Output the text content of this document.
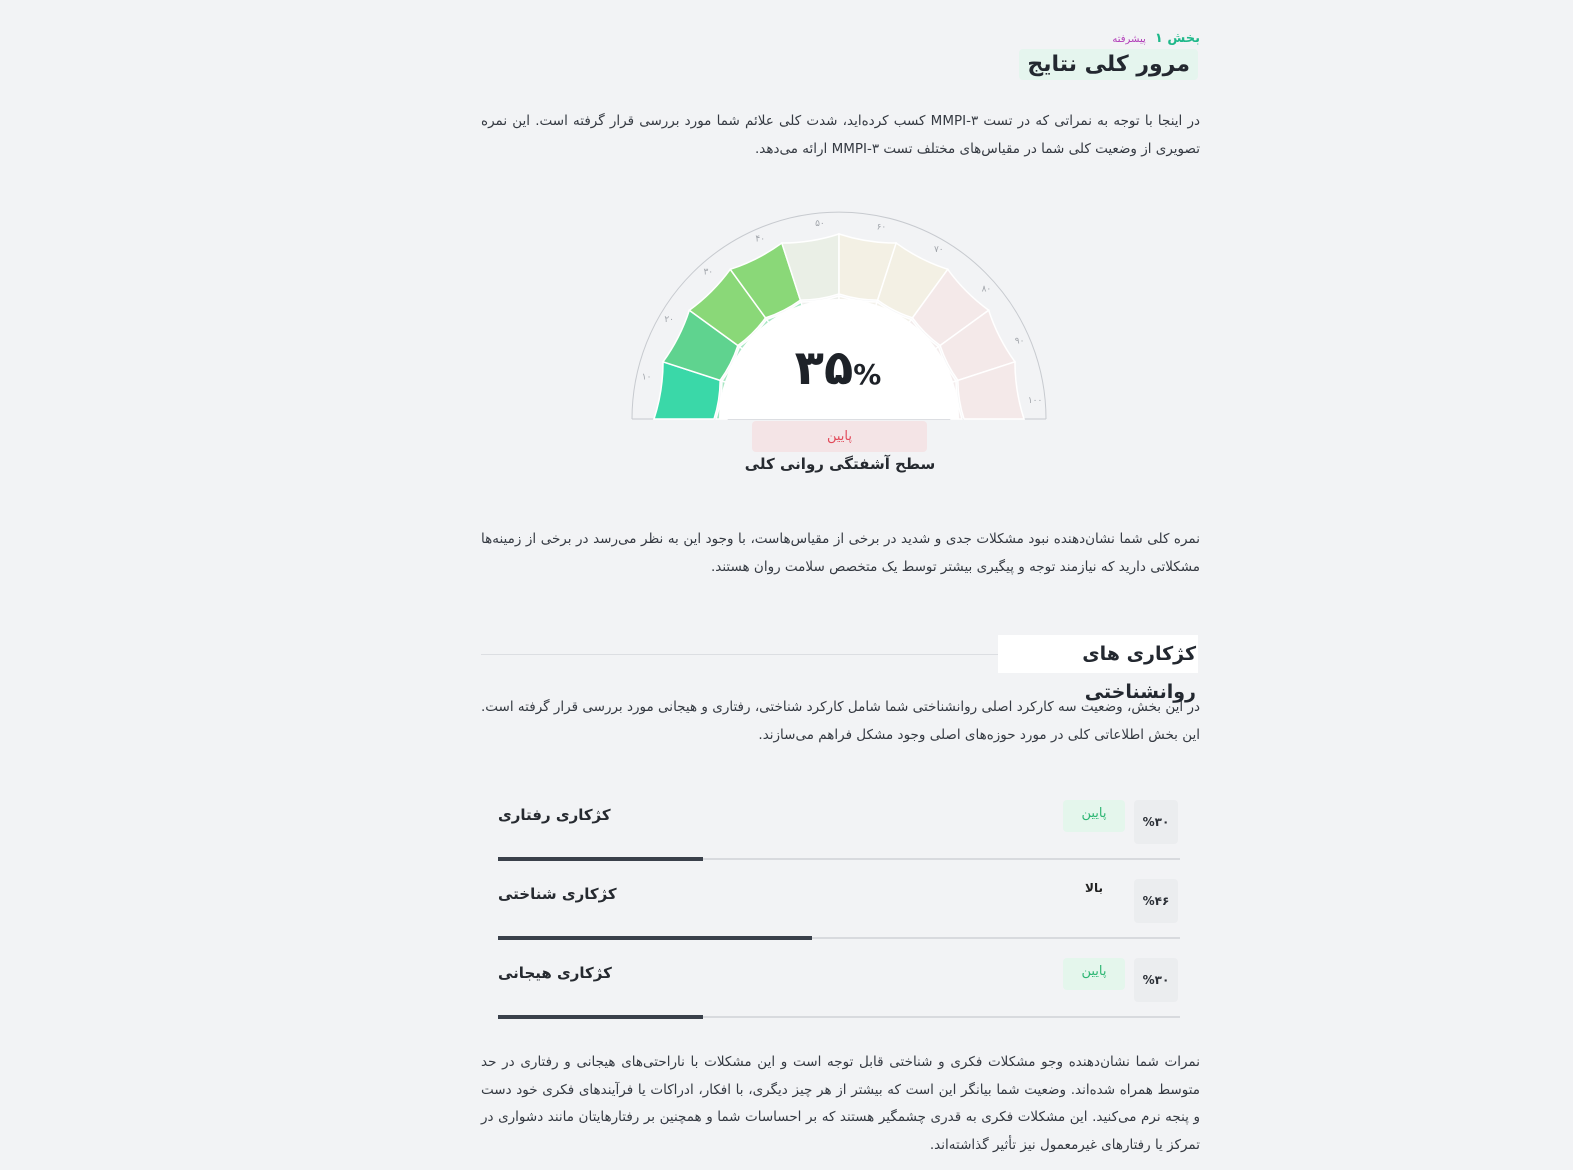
بخش ۱ پیشرفته
مرور کلی نتایج
در اینجا با توجه به نمراتی که در تست MMPI-۳ کسب کرده‌اید، شدت کلی علائم شما مورد بررسی قرار گرفته است. این نمره تصویری از وضعیت کلی شما در مقیاس‌های مختلف تست MMPI-۳ ارائه می‌دهد.
نمره کلی شما نشان‌دهنده نبود مشکلات جدی و شدید در برخی از مقیاس‌هاست، با وجود این به نظر می‌رسد در برخی از زمینه‌ها مشکلاتی دارید که نیازمند توجه و پیگیری بیشتر توسط یک متخصص سلامت روان هستند.
در این بخش، وضعیت سه کارکرد اصلی روانشناختی شما شامل کارکرد شناختی، رفتاری و هیجانی مورد بررسی قرار گرفته است. این بخش اطلاعاتی کلی در مورد حوزه‌های اصلی وجود مشکل فراهم می‌سازند.
نمرات شما نشان‌دهنده وجو مشکلات فکری و شناختی قابل توجه است و این مشکلات با ناراحتی‌های هیجانی و رفتاری در حد متوسط همراه شده‌اند. وضعیت شما بیانگر این است که بیشتر از هر چیز دیگری، با افکار، ادراکات یا فرآیندهای فکری خود دست و پنجه نرم می‌کنید. این مشکلات فکری به قدری چشمگیر هستند که بر احساسات شما و همچنین بر رفتارهایتان مانند دشواری در تمرکز یا رفتارهای غیرمعمول نیز تأثیر گذاشته‌اند.
۱۰
۲۰
۳۰
۴۰
۵۰	۶۰
۷۰
۸۰
۹۰
۱۰۰
۳۵%
پایین
سطح آشفتگی روانی کلی
کژکاری های روانشناختی
کژکاری رفتاری	پایین
%۳۰
کژکاری شناختی	بالا
%۴۶
کژکاری هیجانی	پایین
%۳۰
